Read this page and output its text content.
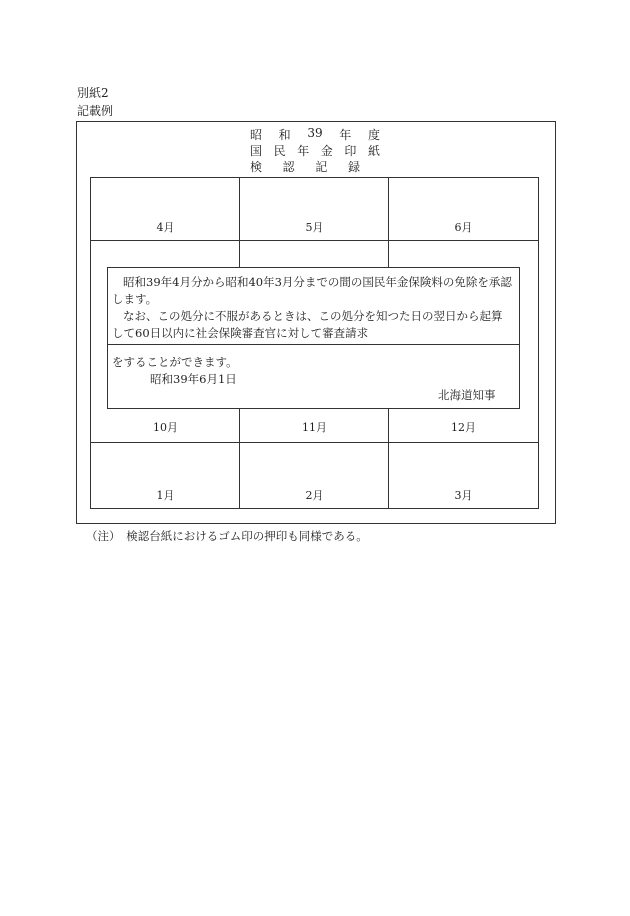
別紙2
記載例
昭 和 39 年 度
国 民 年 金 印 紙
検 認 記 録
4月	5月	6月
10月	11月	12月
1月	2月	3月
昭和39年4月分から昭和40年3月分までの間の国民年金保険料の免除を承認
します。
なお、この処分に不服があるときは、この処分を知つた日の翌日から起算
して60日以内に社会保険審査官に対して審査請求
をすることができます。
昭和39年6月1日
北海道知事
（注）　検認台紙におけるゴム印の押印も同様である。
